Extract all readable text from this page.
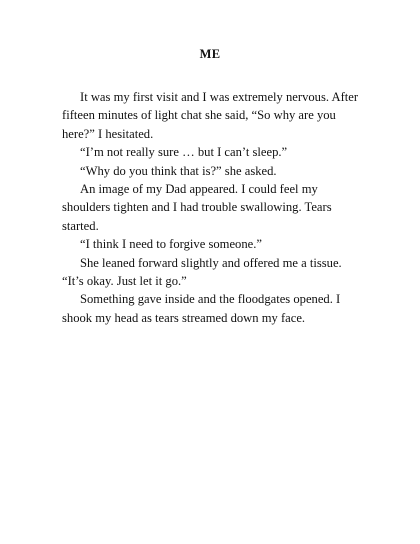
ME

It was my first visit and I was extremely nervous. After fifteen minutes of light chat she said, “So why are you here?” I hesitated.

“I’m not really sure … but I can’t sleep.”

“Why do you think that is?” she asked.

An image of my Dad appeared. I could feel my shoulders tighten and I had trouble swallowing. Tears started.

“I think I need to forgive someone.”

She leaned forward slightly and offered me a tissue. “It’s okay. Just let it go.”

Something gave inside and the floodgates opened. I shook my head as tears streamed down my face.
